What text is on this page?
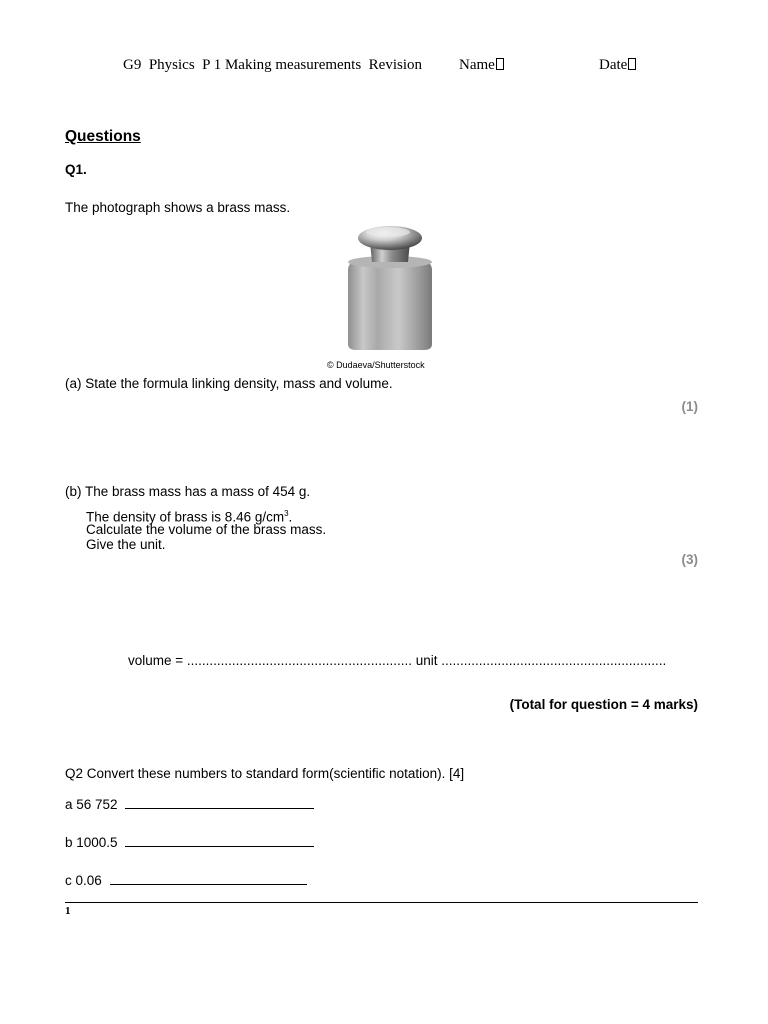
G9  Physics  P 1 Making measurements  Revision Name	Date
Questions
Q1.
The photograph shows a brass mass.
© Dudaeva/Shutterstock
(a) State the formula linking density, mass and volume.
(1)
(b) The brass mass has a mass of 454 g.
The density of brass is 8.46 $g/cm^3$.
Calculate the volume of the brass mass.
Give the unit.
(3)
volume = ............................................................ unit ............................................................
(Total for question = 4 marks)
Q2 Convert these numbers to standard form(scientific notation). [4]
a 56 752
b 1000.5
c 0.06
1
